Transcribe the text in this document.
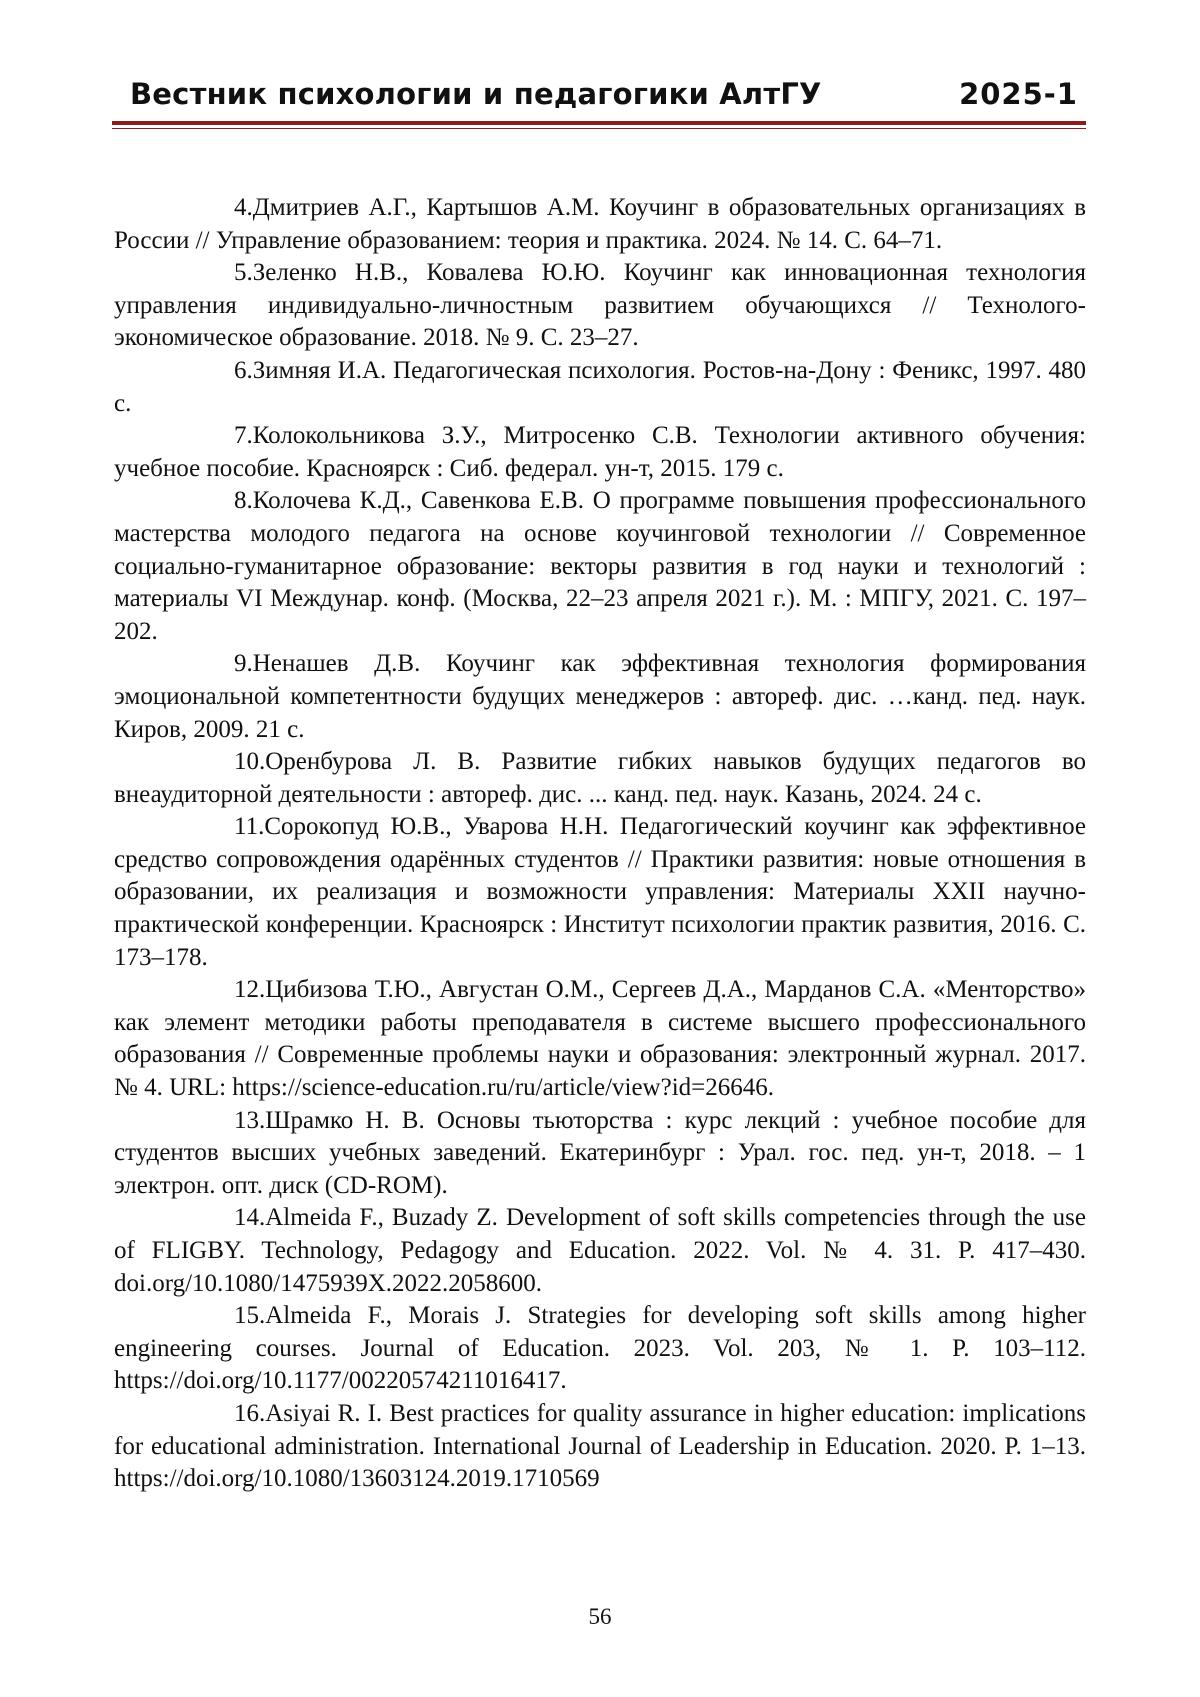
Вестник психологии и педагогики АлтГУ	2025-1

4.Дмитриев А.Г., Картышов А.М. Коучинг в образовательных организациях в России // Управление образованием: теория и практика. 2024. № 14. С. 64–71.

5.Зеленко Н.В., Ковалева Ю.Ю. Коучинг как инновационная технология управления индивидуально-личностным развитием обучающихся // Технолого-экономическое образование. 2018. № 9. С. 23–27.

6.Зимняя И.А. Педагогическая психология. Ростов-на-Дону : Феникс, 1997. 480 с.

7.Колокольникова З.У., Митросенко С.В. Технологии активного обучения: учебное пособие. Красноярск : Сиб. федерал. ун-т, 2015. 179 с.

8.Колочева К.Д., Савенкова Е.В. О программе повышения профессионального мастерства молодого педагога на основе коучинговой технологии // Современное социально-гуманитарное образование: векторы развития в год науки и технологий : материалы VI Междунар. конф. (Москва, 22–23 апреля 2021 г.). М. : МПГУ, 2021. С. 197–202.

9.Ненашев Д.В. Коучинг как эффективная технология формирования эмоциональной компетентности будущих менеджеров : автореф. дис. …канд. пед. наук. Киров, 2009. 21 с.

10.Оренбурова Л. В. Развитие гибких навыков будущих педагогов во внеаудиторной деятельности : автореф. дис. ... канд. пед. наук. Казань, 2024. 24 с.

11.Сорокопуд Ю.В., Уварова Н.Н. Педагогический коучинг как эффективное средство сопровождения одарённых студентов // Практики развития: новые отношения в образовании, их реализация и возможности управления: Материалы XXII научно-практической конференции. Красноярск : Институт психологии практик развития, 2016. С. 173–178.

12.Цибизова Т.Ю., Августан О.М., Сергеев Д.А., Марданов С.А. «Менторство» как элемент методики работы преподавателя в системе высшего профессионального образования // Современные проблемы науки и образования: электронный журнал. 2017. № 4. URL: https://science-education.ru/ru/article/view?id=26646.

13.Шрамко Н. В. Основы тьюторства : курс лекций : учебное пособие для студентов высших учебных заведений. Екатеринбург : Урал. гос. пед. ун-т, 2018. – 1 электрон. опт. диск (CD-ROM).

14.Almeida F., Buzady Z. Development of soft skills competencies through the use of FLIGBY. Technology, Pedagogy and Education. 2022. Vol. № 4. 31. P. 417–430. doi.org/10.1080/1475939X.2022.2058600.

15.Almeida F., Morais J. Strategies for developing soft skills among higher engineering courses. Journal of Education. 2023. Vol. 203, № 1. P. 103–112. https://doi.org/10.1177/00220574211016417.

16.Asiyai R. I. Best practices for quality assurance in higher education: implications for educational administration. International Journal of Leadership in Education. 2020. P. 1–13. https://doi.org/10.1080/13603124.2019.1710569

56
